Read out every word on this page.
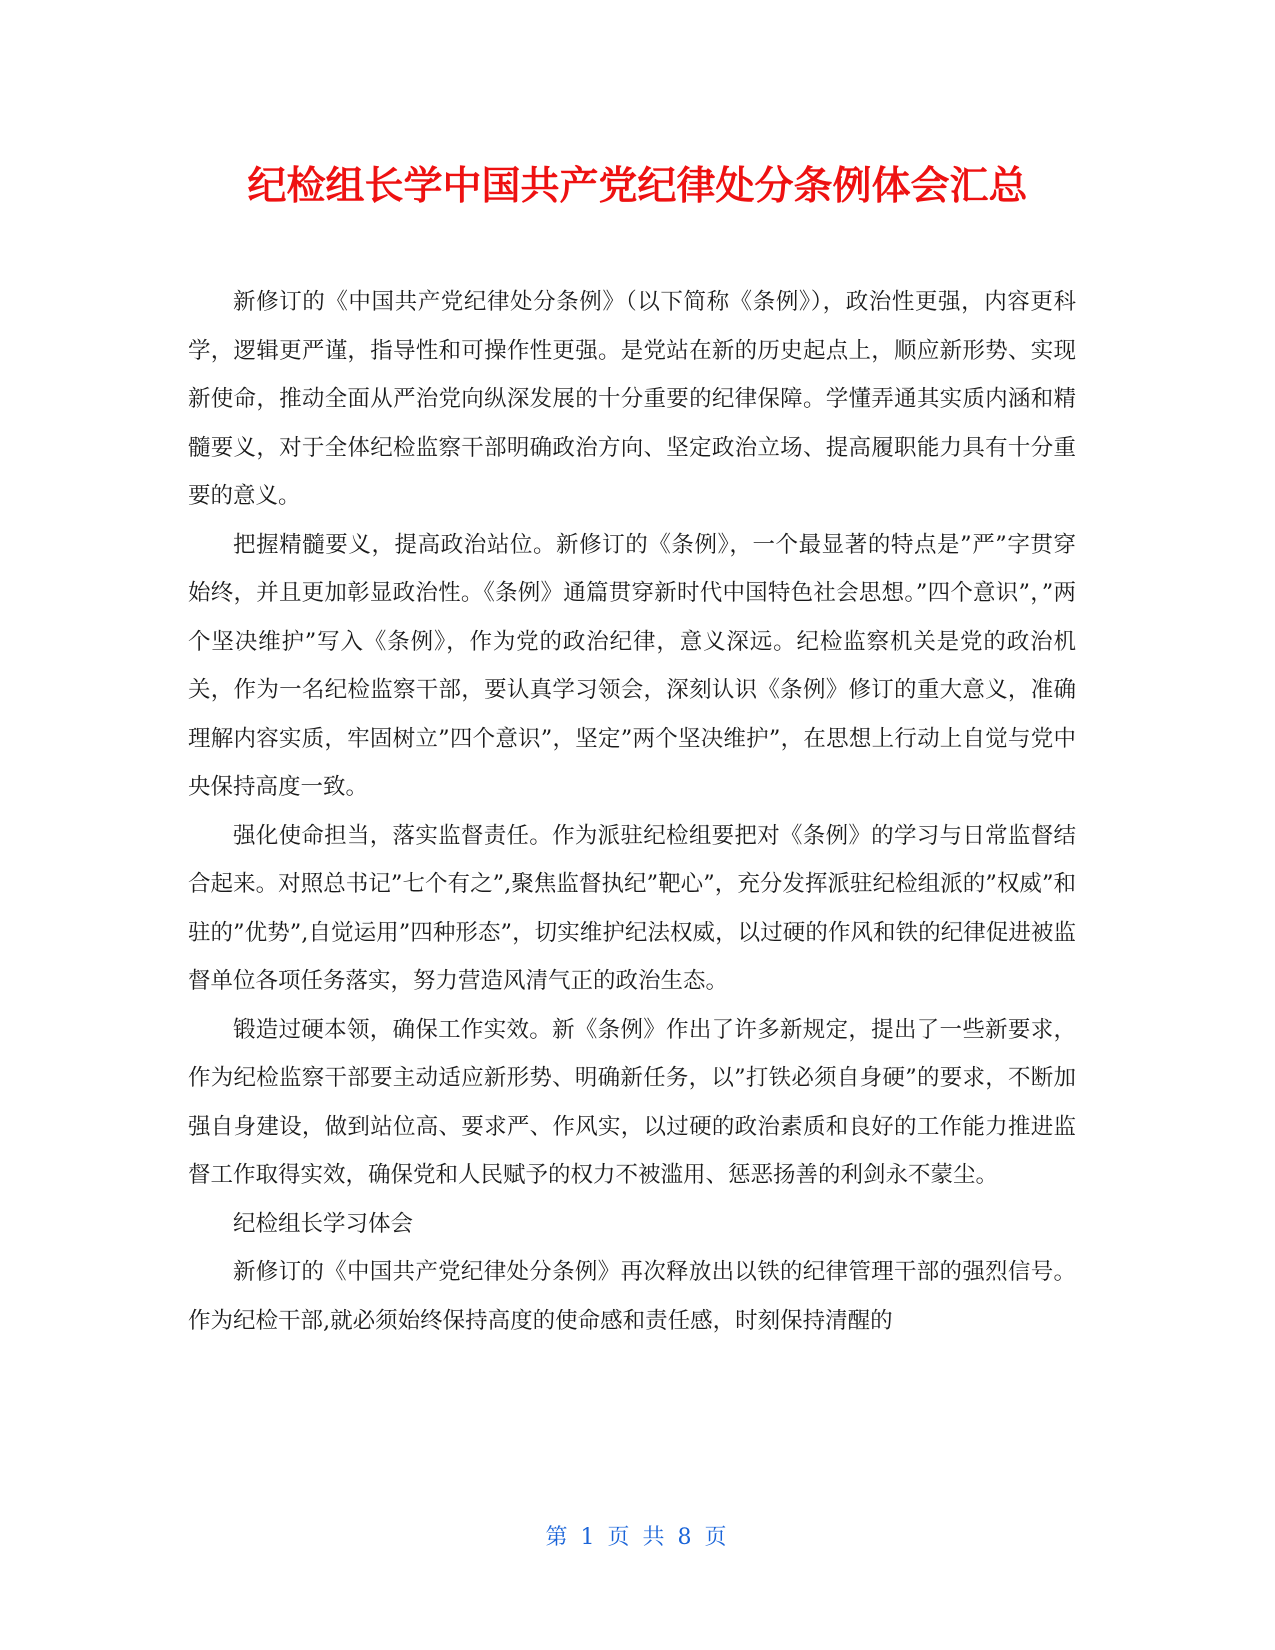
纪检组长学中国共产党纪律处分条例体会汇总

新修订的《中国共产党纪律处分条例》（以下简称《条例》），政治性更强，内容更科学，逻辑更严谨，指导性和可操作性更强。是党站在新的历史起点上，顺应新形势、实现新使命，推动全面从严治党向纵深发展的十分重要的纪律保障。学懂弄通其实质内涵和精髓要义，对于全体纪检监察干部明确政治方向、坚定政治立场、提高履职能力具有十分重要的意义。

把握精髓要义，提高政治站位。新修订的《条例》，一个最显著的特点是”严”字贯穿始终，并且更加彰显政治性。《条例》通篇贯穿新时代中国特色社会思想。”四个意识”，”两个坚决维护”写入《条例》，作为党的政治纪律，意义深远。纪检监察机关是党的政治机关，作为一名纪检监察干部，要认真学习领会，深刻认识《条例》修订的重大意义，准确理解内容实质，牢固树立”四个意识”，坚定”两个坚决维护”，在思想上行动上自觉与党中央保持高度一致。

强化使命担当，落实监督责任。作为派驻纪检组要把对《条例》的学习与日常监督结合起来。对照总书记”七个有之”,聚焦监督执纪”靶心”，充分发挥派驻纪检组派的”权威”和驻的”优势”,自觉运用”四种形态”，切实维护纪法权威，以过硬的作风和铁的纪律促进被监督单位各项任务落实，努力营造风清气正的政治生态。

锻造过硬本领，确保工作实效。新《条例》作出了许多新规定，提出了一些新要求，作为纪检监察干部要主动适应新形势、明确新任务，以”打铁必须自身硬”的要求，不断加强自身建设，做到站位高、要求严、作风实，以过硬的政治素质和良好的工作能力推进监督工作取得实效，确保党和人民赋予的权力不被滥用、惩恶扬善的利剑永不蒙尘。

纪检组长学习体会

新修订的《中国共产党纪律处分条例》再次释放出以铁的纪律管理干部的强烈信号。作为纪检干部,就必须始终保持高度的使命感和责任感，时刻保持清醒的

第 1 页 共 8 页
